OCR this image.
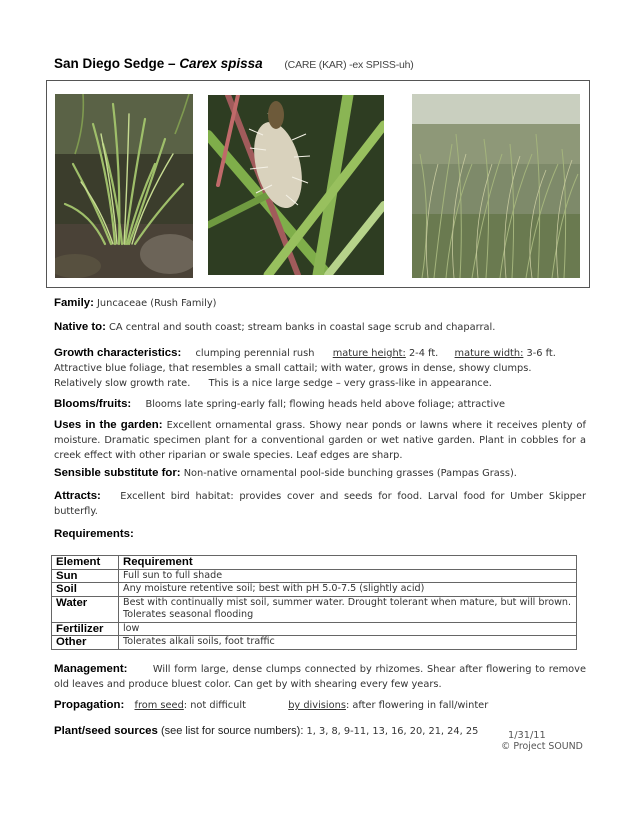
San Diego Sedge – Carex spissa (CARE (KAR) -ex SPISS-uh)
Family: Juncaceae (Rush Family)
Native to: CA central and south coast; stream banks in coastal sage scrub and chaparral.
Growth characteristics: clumping perennial rush mature height: 2-4 ft. mature width: 3-6 ft.
Attractive blue foliage, that resembles a small cattail; with water, grows in dense, showy clumps.
Relatively slow growth rate. This is a nice large sedge – very grass-like in appearance.
Blooms/fruits: Blooms late spring-early fall; flowing heads held above foliage; attractive
Uses in the garden: Excellent ornamental grass. Showy near ponds or lawns where it receives plenty of moisture. Dramatic specimen plant for a conventional garden or wet native garden. Plant in cobbles for a creek effect with other riparian or swale species. Leaf edges are sharp.
Sensible substitute for: Non-native ornamental pool-side bunching grasses (Pampas Grass).
Attracts: Excellent bird habitat: provides cover and seeds for food. Larval food for Umber Skipper butterfly.
Requirements:
Element	Requirement
Sun	Full sun to full shade
Soil	Any moisture retentive soil; best with pH 5.0-7.5 (slightly acid)
Water	Best with continually mist soil, summer water. Drought tolerant when mature, but will brown. Tolerates seasonal flooding
Fertilizer	low
Other	Tolerates alkali soils, foot traffic
Management:	Will form large, dense clumps connected by rhizomes. Shear after flowering to remove old leaves and produce bluest color. Can get by with shearing every few years.
Propagation: from seed: not difficult	by divisions: after flowering in fall/winter
Plant/seed sources (see list for source numbers): 1, 3, 8, 9-11, 13, 16, 20, 21, 24, 25	1/31/11
© Project SOUND
